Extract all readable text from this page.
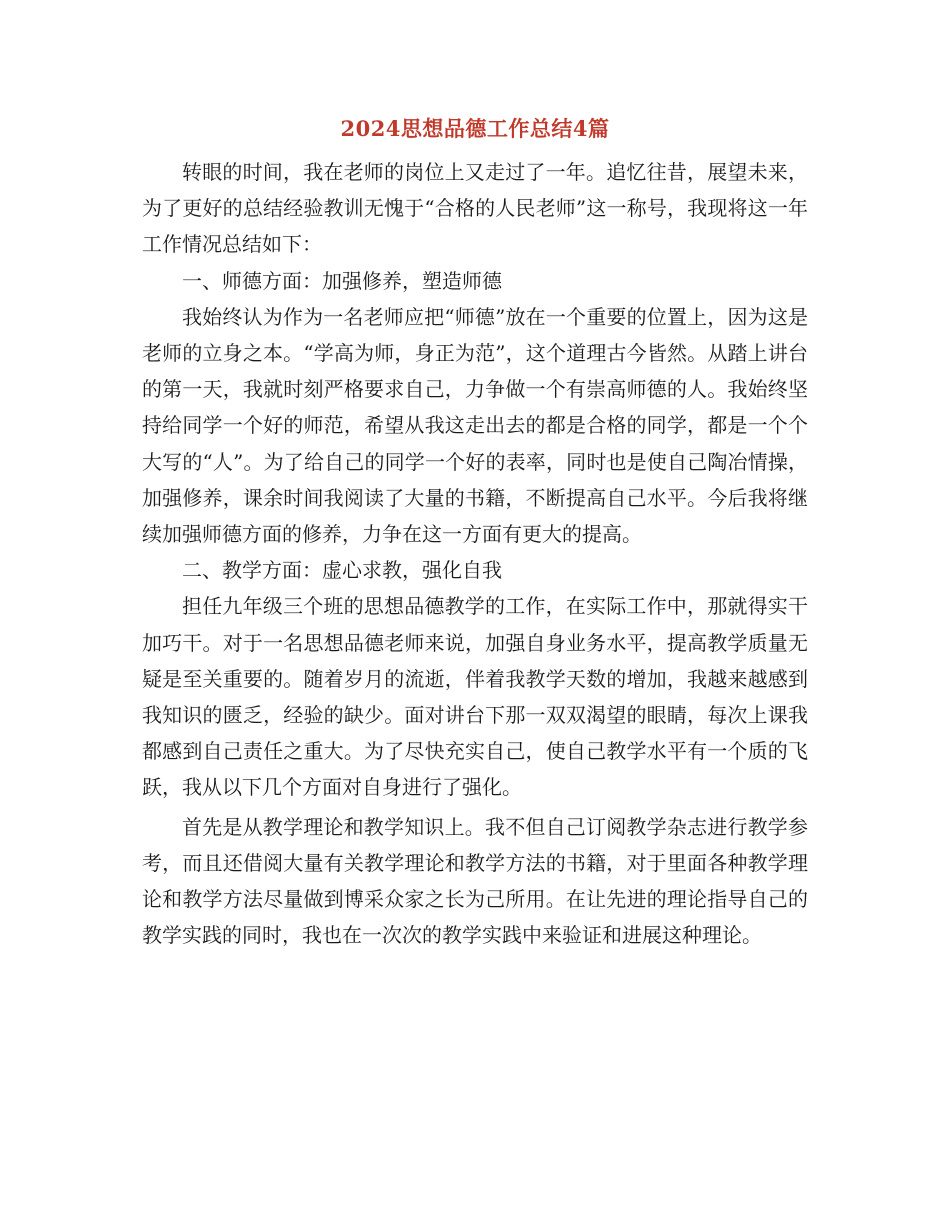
2024思想品德工作总结4篇

转眼的时间，我在老师的岗位上又走过了一年。追忆往昔，展望未来，为了更好的总结经验教训无愧于“合格的人民老师”这一称号，我现将这一年工作情况总结如下：

一、师德方面：加强修养，塑造师德

我始终认为作为一名老师应把“师德”放在一个重要的位置上，因为这是老师的立身之本。“学高为师，身正为范”，这个道理古今皆然。从踏上讲台的第一天，我就时刻严格要求自己，力争做一个有崇高师德的人。我始终坚持给同学一个好的师范，希望从我这走出去的都是合格的同学，都是一个个大写的“人”。为了给自己的同学一个好的表率，同时也是使自己陶冶情操，加强修养，课余时间我阅读了大量的书籍，不断提高自己水平。今后我将继续加强师德方面的修养，力争在这一方面有更大的提高。

二、教学方面：虚心求教，强化自我

担任九年级三个班的思想品德教学的工作，在实际工作中，那就得实干加巧干。对于一名思想品德老师来说，加强自身业务水平，提高教学质量无疑是至关重要的。随着岁月的流逝，伴着我教学天数的增加，我越来越感到我知识的匮乏，经验的缺少。面对讲台下那一双双渴望的眼睛，每次上课我都感到自己责任之重大。为了尽快充实自己，使自己教学水平有一个质的飞跃，我从以下几个方面对自身进行了强化。

首先是从教学理论和教学知识上。我不但自己订阅教学杂志进行教学参考，而且还借阅大量有关教学理论和教学方法的书籍，对于里面各种教学理论和教学方法尽量做到博采众家之长为己所用。在让先进的理论指导自己的教学实践的同时，我也在一次次的教学实践中来验证和进展这种理论。
